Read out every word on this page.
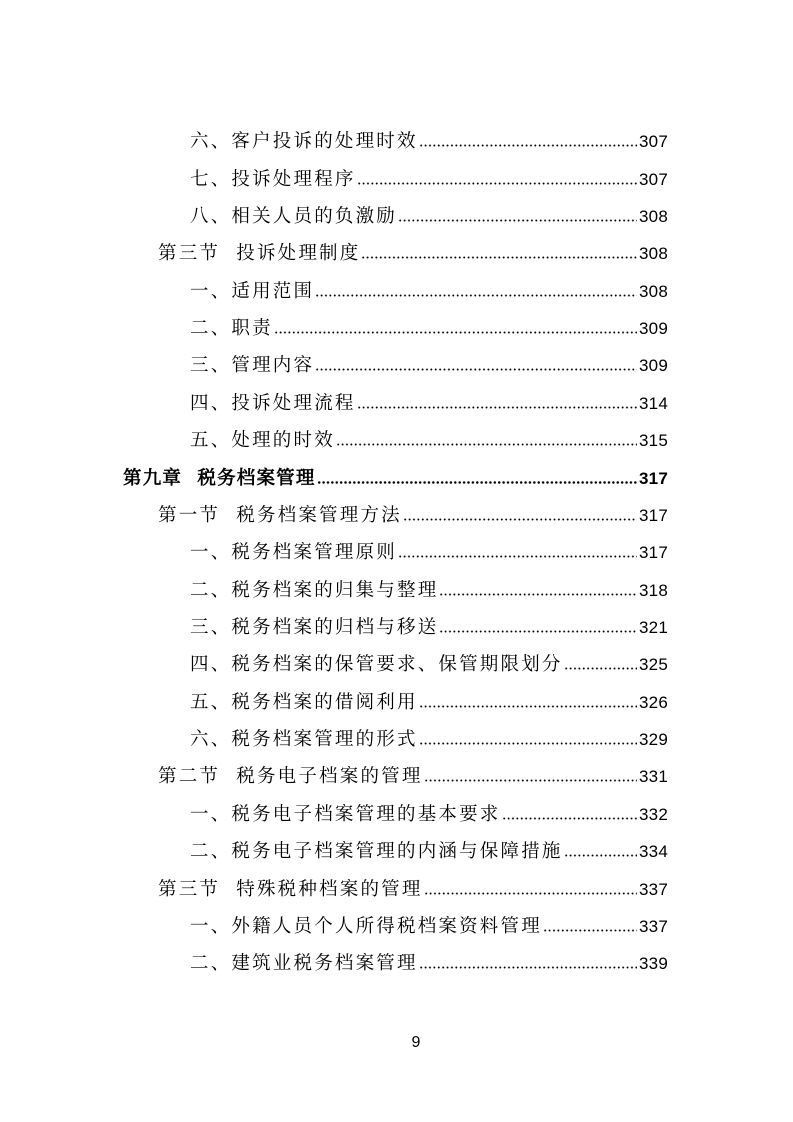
六、客户投诉的处理时效	307
七、投诉处理程序	307
八、相关人员的负激励	308
第三节  投诉处理制度	308
一、适用范围	308
二、职责	309
三、管理内容	309
四、投诉处理流程	314
五、处理的时效	315
第九章  税务档案管理	317
第一节  税务档案管理方法	317
一、税务档案管理原则	317
二、税务档案的归集与整理	318
三、税务档案的归档与移送	321
四、税务档案的保管要求、保管期限划分	325
五、税务档案的借阅利用	326
六、税务档案管理的形式	329
第二节  税务电子档案的管理	331
一、税务电子档案管理的基本要求	332
二、税务电子档案管理的内涵与保障措施	334
第三节  特殊税种档案的管理	337
一、外籍人员个人所得税档案资料管理	337
二、建筑业税务档案管理	339
9
